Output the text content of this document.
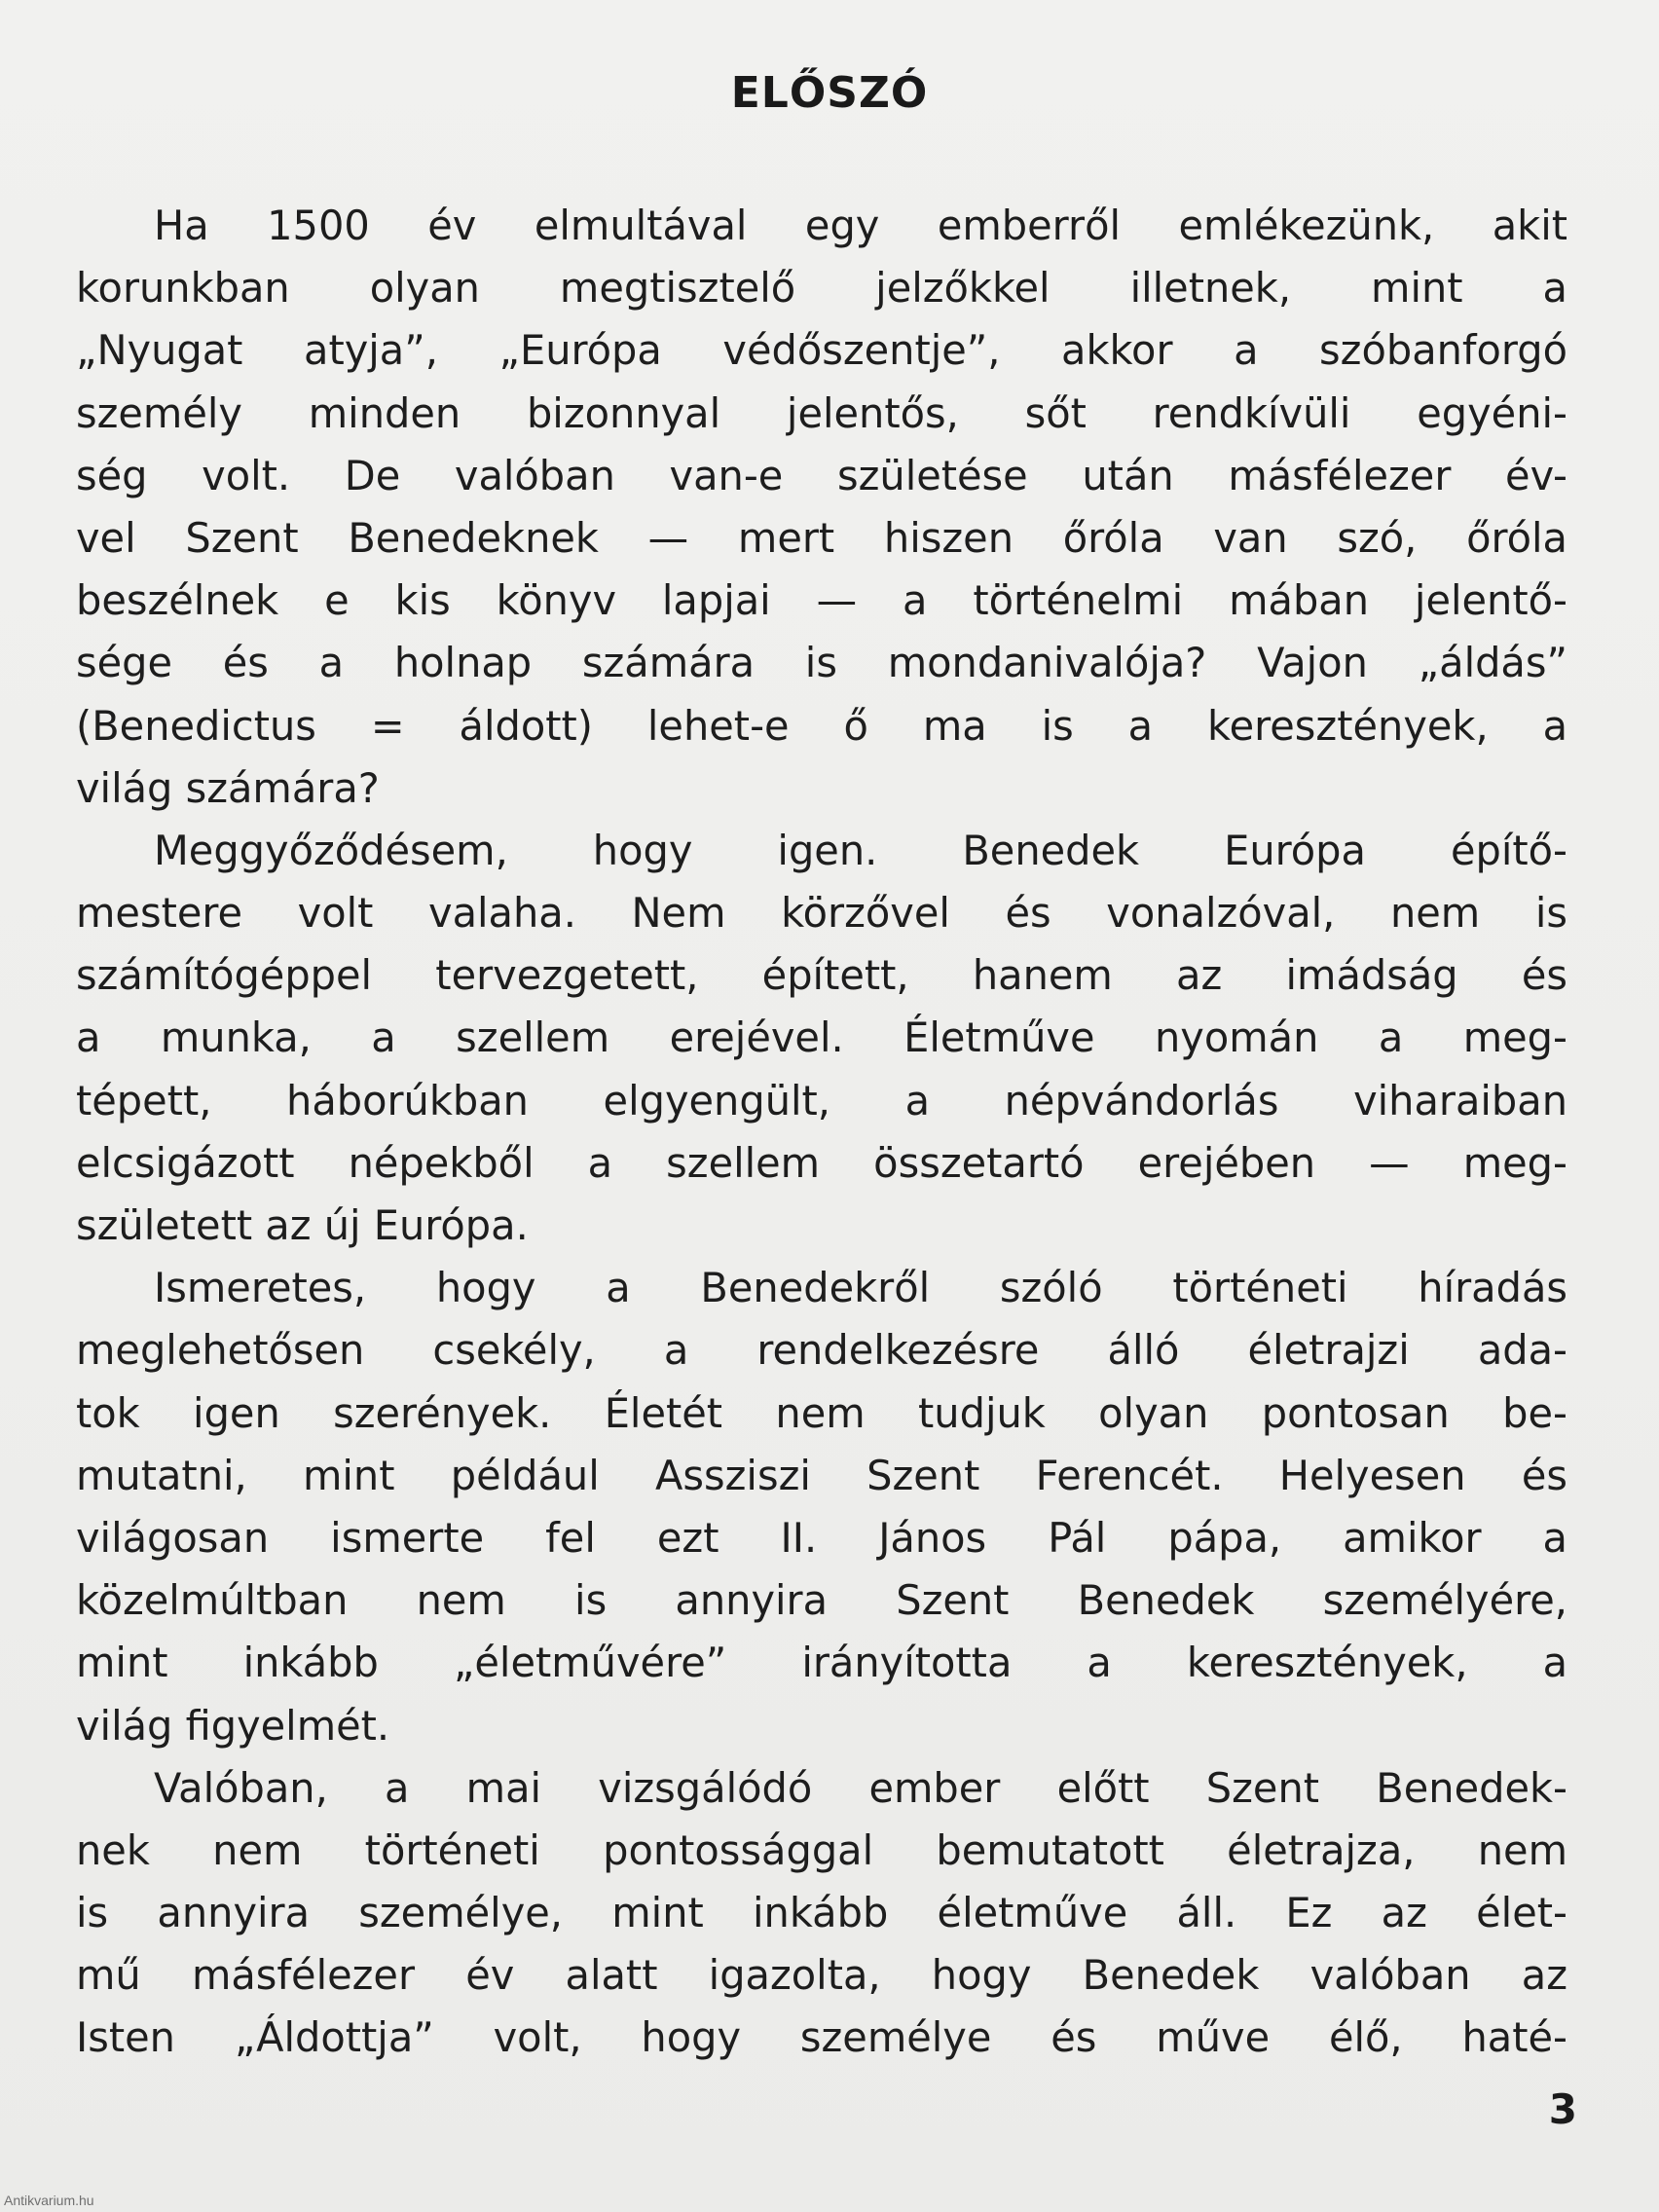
ELŐSZÓ
Ha 1500 év elmultával egy emberről emlékezünk, akit
korunkban olyan megtisztelő jelzőkkel illetnek, mint a
„Nyugat atyja”, „Európa védőszentje”, akkor a szóbanforgó
személy minden bizonnyal jelentős, sőt rendkívüli egyéni-
ség volt. De valóban van-e születése után másfélezer év-
vel Szent Benedeknek — mert hiszen őróla van szó, őróla
beszélnek e kis könyv lapjai — a történelmi mában jelentő-
sége és a holnap számára is mondanivalója? Vajon „áldás”
(Benedictus = áldott) lehet-e ő ma is a keresztények, a
világ számára?
Meggyőződésem, hogy igen. Benedek Európa építő-
mestere volt valaha. Nem körzővel és vonalzóval, nem is
számítógéppel tervezgetett, épített, hanem az imádság és
a munka, a szellem erejével. Életműve nyomán a meg-
tépett, háborúkban elgyengült, a népvándorlás viharaiban
elcsigázott népekből a szellem összetartó erejében — meg-
született az új Európa.
Ismeretes, hogy a Benedekről szóló történeti híradás
meglehetősen csekély, a rendelkezésre álló életrajzi ada-
tok igen szerények. Életét nem tudjuk olyan pontosan be-
mutatni, mint például Assziszi Szent Ferencét. Helyesen és
világosan ismerte fel ezt II. János Pál pápa, amikor a
közelmúltban nem is annyira Szent Benedek személyére,
mint inkább „életművére” irányította a keresztények, a
világ figyelmét.
Valóban, a mai vizsgálódó ember előtt Szent Benedek-
nek nem történeti pontossággal bemutatott életrajza, nem
is annyira személye, mint inkább életműve áll. Ez az élet-
mű másfélezer év alatt igazolta, hogy Benedek valóban az
Isten „Áldottja” volt, hogy személye és műve élő, haté-
3
Antikvarium.hu
